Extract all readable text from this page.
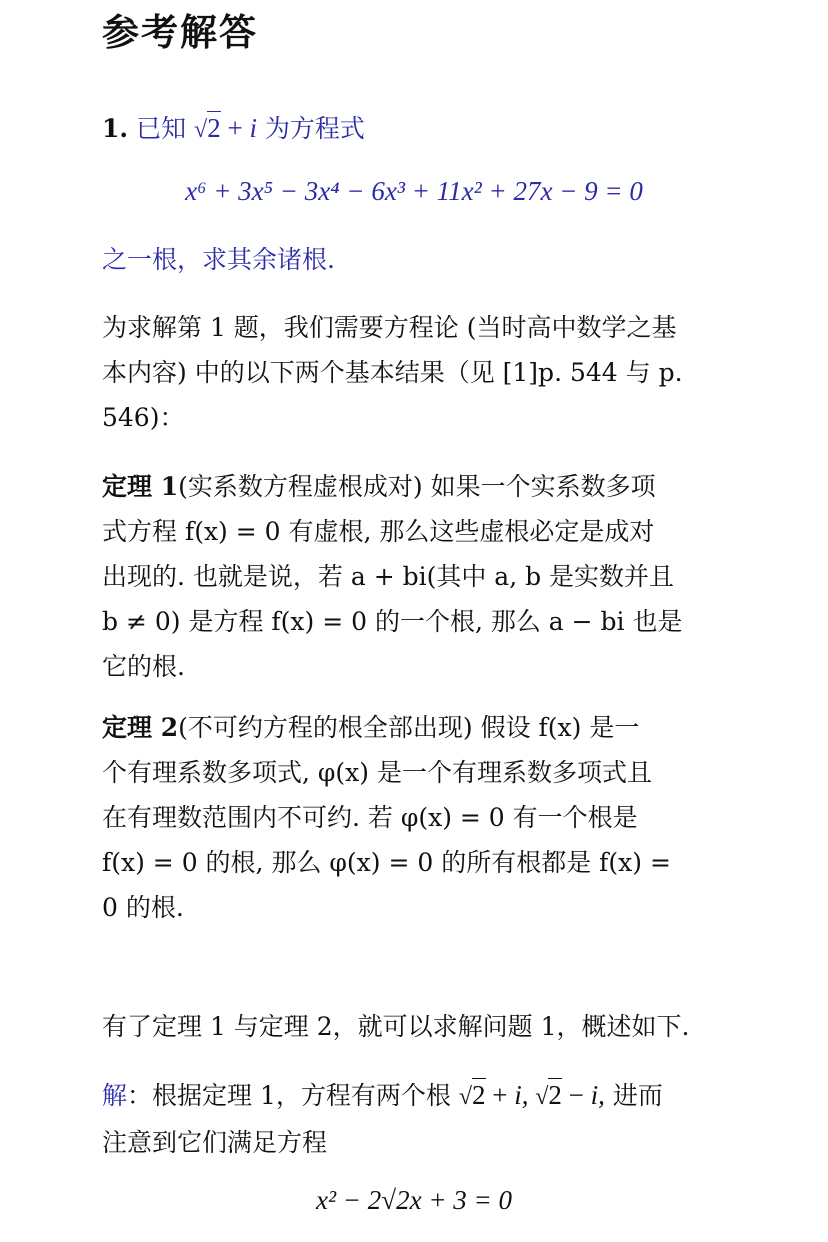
参考解答
1. 已知 √2 + i 为方程式
x⁶ + 3x⁵ − 3x⁴ − 6x³ + 11x² + 27x − 9 = 0
之一根，求其余诸根.
为求解第 1 题，我们需要方程论 (当时高中数学之基
本内容) 中的以下两个基本结果（见 [1]p. 544 与 p.
546)：
定理 1(实系数方程虚根成对) 如果一个实系数多项
式方程 f(x) = 0 有虚根, 那么这些虚根必定是成对
出现的. 也就是说，若 a + bi(其中 a, b 是实数并且
b ≠ 0) 是方程 f(x) = 0 的一个根, 那么 a − bi 也是
它的根.
定理 2(不可约方程的根全部出现) 假设 f(x) 是一
个有理系数多项式, φ(x) 是一个有理系数多项式且
在有理数范围内不可约. 若 φ(x) = 0 有一个根是
f(x) = 0 的根, 那么 φ(x) = 0 的所有根都是 f(x) =
0 的根.
有了定理 1 与定理 2，就可以求解问题 1，概述如下.
解：根据定理 1，方程有两个根 √2 + i, √2 − i, 进而
注意到它们满足方程
x² − 2√2x + 3 = 0
